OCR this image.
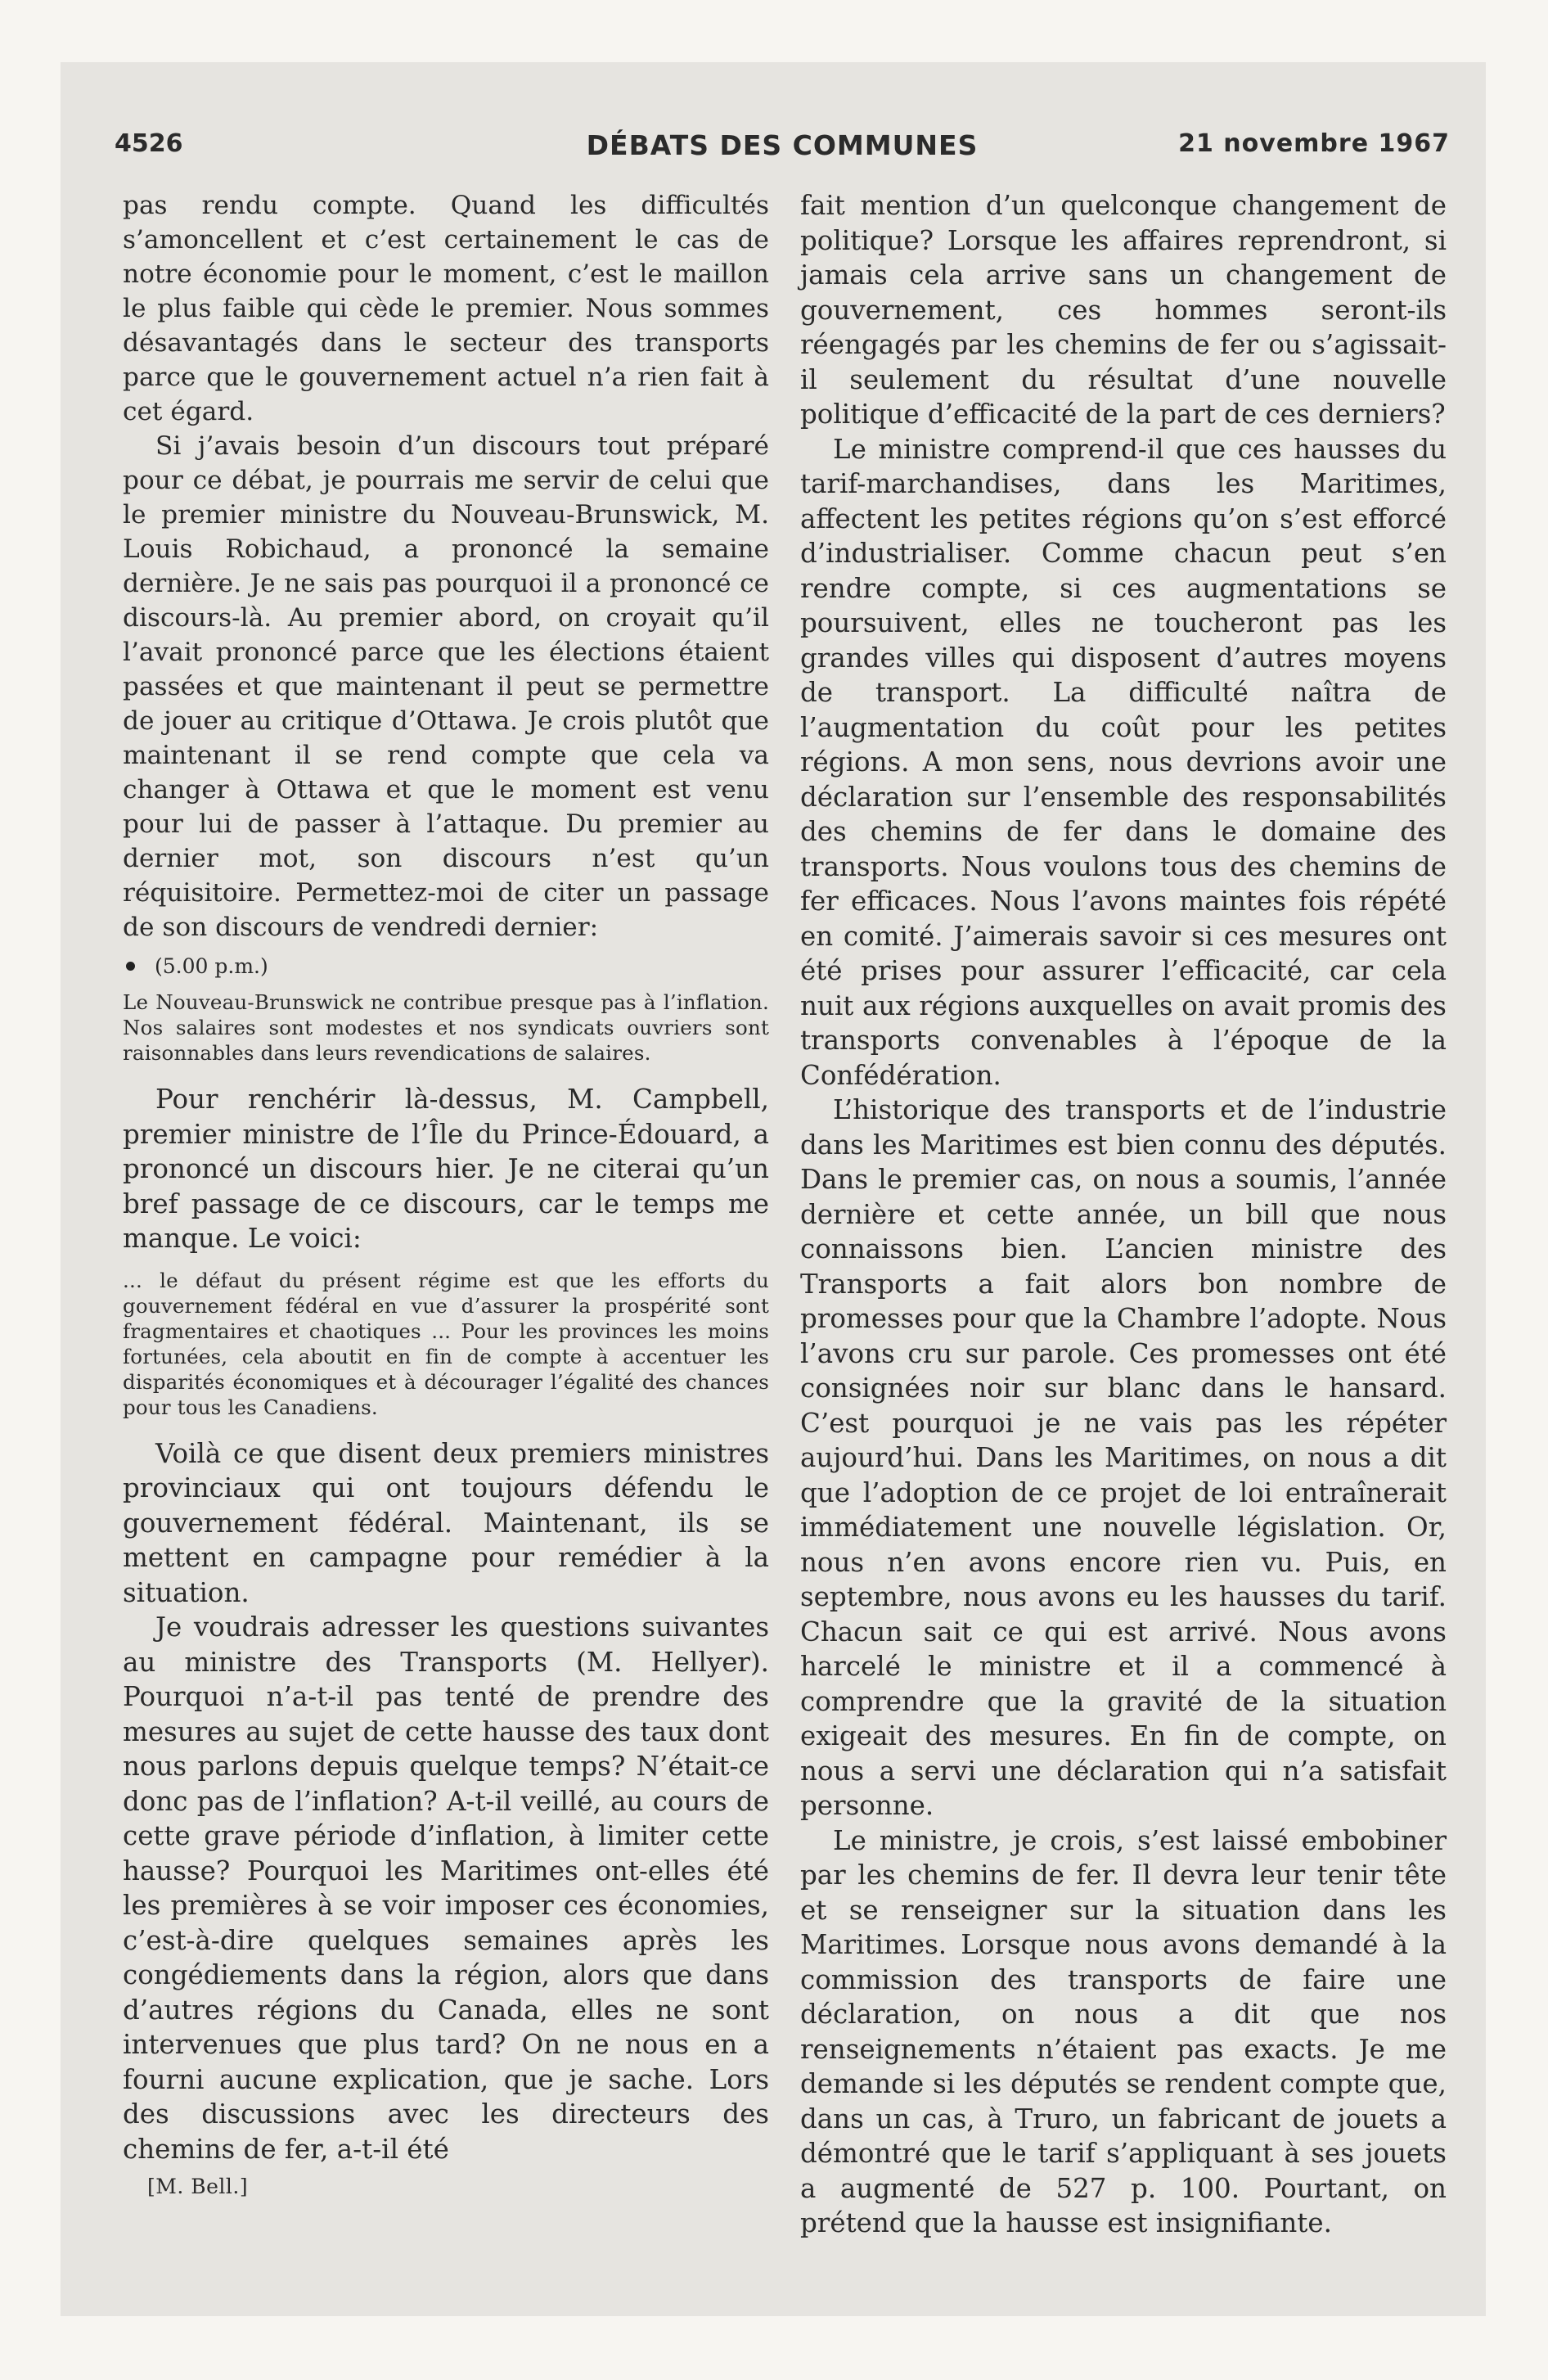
4526	DÉBATS DES COMMUNES	21 novembre 1967

pas rendu compte. Quand les difficultés s’amoncellent et c’est certainement le cas de notre économie pour le moment, c’est le maillon le plus faible qui cède le premier. Nous sommes désavantagés dans le secteur des transports parce que le gouvernement actuel n’a rien fait à cet égard.

Si j’avais besoin d’un discours tout préparé pour ce débat, je pourrais me servir de celui que le premier ministre du Nouveau-Brunswick, M. Louis Robichaud, a prononcé la semaine dernière. Je ne sais pas pourquoi il a prononcé ce discours-là. Au premier abord, on croyait qu’il l’avait prononcé parce que les élections étaient passées et que maintenant il peut se permettre de jouer au critique d’Ottawa. Je crois plutôt que maintenant il se rend compte que cela va changer à Ottawa et que le moment est venu pour lui de passer à l’attaque. Du premier au dernier mot, son discours n’est qu’un réquisitoire. Permettez-moi de citer un passage de son discours de vendredi dernier:

(5.00 p.m.)

Le Nouveau-Brunswick ne contribue presque pas à l’inflation. Nos salaires sont modestes et nos syndicats ouvriers sont raisonnables dans leurs revendications de salaires.

Pour renchérir là-dessus, M. Campbell, premier ministre de l’Île du Prince-Édouard, a prononcé un discours hier. Je ne citerai qu’un bref passage de ce discours, car le temps me manque. Le voici:

... le défaut du présent régime est que les efforts du gouvernement fédéral en vue d’assurer la prospérité sont fragmentaires et chaotiques ... Pour les provinces les moins fortunées, cela aboutit en fin de compte à accentuer les disparités économiques et à décourager l’égalité des chances pour tous les Canadiens.

Voilà ce que disent deux premiers ministres provinciaux qui ont toujours défendu le gouvernement fédéral. Maintenant, ils se mettent en campagne pour remédier à la situation.

Je voudrais adresser les questions suivantes au ministre des Transports (M. Hellyer). Pourquoi n’a-t-il pas tenté de prendre des mesures au sujet de cette hausse des taux dont nous parlons depuis quelque temps? N’était-ce donc pas de l’inflation? A-t-il veillé, au cours de cette grave période d’inflation, à limiter cette hausse? Pourquoi les Maritimes ont-elles été les premières à se voir imposer ces économies, c’est-à-dire quelques semaines après les congédiements dans la région, alors que dans d’autres régions du Canada, elles ne sont intervenues que plus tard? On ne nous en a fourni aucune explication, que je sache. Lors des discussions avec les directeurs des chemins de fer, a-t-il été

[M. Bell.]

fait mention d’un quelconque changement de politique? Lorsque les affaires reprendront, si jamais cela arrive sans un changement de gouvernement, ces hommes seront-ils réengagés par les chemins de fer ou s’agissait-il seulement du résultat d’une nouvelle politique d’efficacité de la part de ces derniers?

Le ministre comprend-il que ces hausses du tarif-marchandises, dans les Maritimes, affectent les petites régions qu’on s’est efforcé d’industrialiser. Comme chacun peut s’en rendre compte, si ces augmentations se poursuivent, elles ne toucheront pas les grandes villes qui disposent d’autres moyens de transport. La difficulté naîtra de l’augmentation du coût pour les petites régions. A mon sens, nous devrions avoir une déclaration sur l’ensemble des responsabilités des chemins de fer dans le domaine des transports. Nous voulons tous des chemins de fer efficaces. Nous l’avons maintes fois répété en comité. J’aimerais savoir si ces mesures ont été prises pour assurer l’efficacité, car cela nuit aux régions auxquelles on avait promis des transports convenables à l’époque de la Confédération.

L’historique des transports et de l’industrie dans les Maritimes est bien connu des députés. Dans le premier cas, on nous a soumis, l’année dernière et cette année, un bill que nous connaissons bien. L’ancien ministre des Transports a fait alors bon nombre de promesses pour que la Chambre l’adopte. Nous l’avons cru sur parole. Ces promesses ont été consignées noir sur blanc dans le hansard. C’est pourquoi je ne vais pas les répéter aujourd’hui. Dans les Maritimes, on nous a dit que l’adoption de ce projet de loi entraînerait immédiatement une nouvelle législation. Or, nous n’en avons encore rien vu. Puis, en septembre, nous avons eu les hausses du tarif. Chacun sait ce qui est arrivé. Nous avons harcelé le ministre et il a commencé à comprendre que la gravité de la situation exigeait des mesures. En fin de compte, on nous a servi une déclaration qui n’a satisfait personne.

Le ministre, je crois, s’est laissé embobiner par les chemins de fer. Il devra leur tenir tête et se renseigner sur la situation dans les Maritimes. Lorsque nous avons demandé à la commission des transports de faire une déclaration, on nous a dit que nos renseignements n’étaient pas exacts. Je me demande si les députés se rendent compte que, dans un cas, à Truro, un fabricant de jouets a démontré que le tarif s’appliquant à ses jouets a augmenté de 527 p. 100. Pourtant, on prétend que la hausse est insignifiante.
